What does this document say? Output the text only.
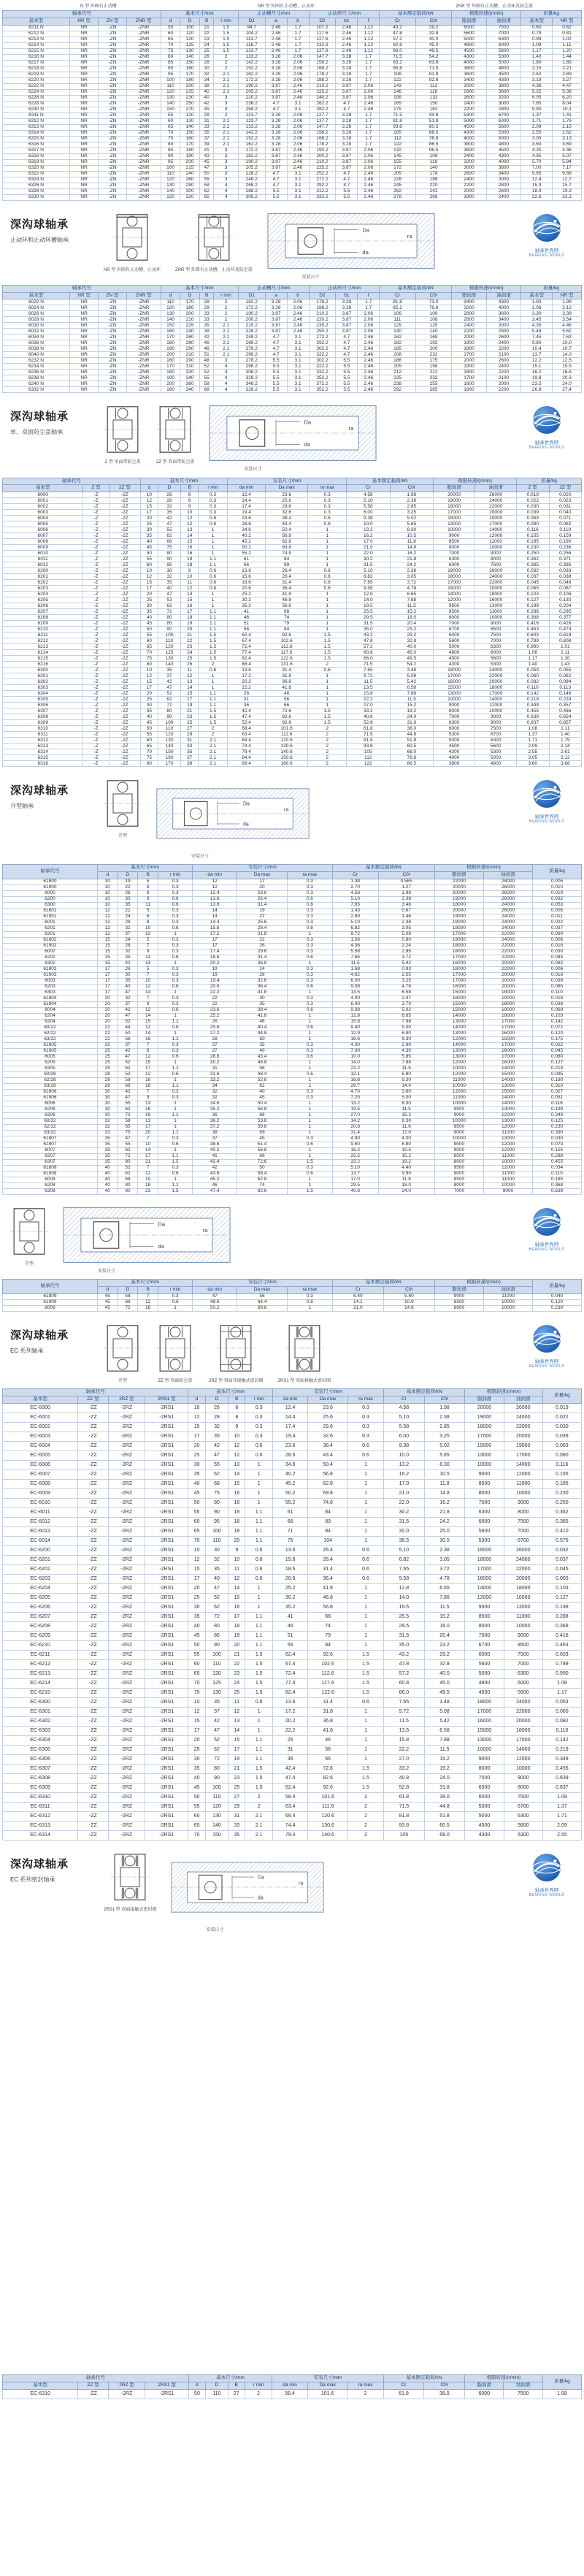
N 型 外圈有止动槽	NR 型 外圈有止动槽、止动环	ZNR 型 外圈有止动槽、止动环及防尘盖
轴承代号				基本尺寸/mm				止动槽尺寸/mm			止动环尺寸/mm			基本额定载荷/kN		极限转速/(r/min)		质量/kg	
基本型	NR 型	ZN 型	ZNR 型	d	D	B	r min	D1	a	b	D2	b1	f	Cr	C0r	脂润滑	油润滑	基本型	NR 型
6211 N	NR	-ZN	-ZNR	55	100	21	1.5	94.7	2.46	1.7	107.2	2.46	1.12	43.2	29.2	6000	7500	0.60	0.62
6212 N	NR	-ZN	-ZNR	60	110	22	1.5	104.2	2.46	1.7	117.6	2.46	1.12	47.8	32.8	5600	7000	0.79	0.81
6213 N	NR	-ZN	-ZNR	65	120	23	1.5	113.7	2.46	1.7	127.6	2.46	1.12	57.2	40.0	5000	6300	0.99	1.02
6214 N	NR	-ZN	-ZNR	70	125	24	1.5	118.7	2.46	1.7	132.8	2.46	1.12	60.8	45.0	4800	6000	1.08	1.11
6215 N	NR	-ZN	-ZNR	75	130	25	1.5	123.7	2.46	1.7	137.8	2.46	1.12	66.0	49.5	4500	5600	1.17	1.20
6216 N	NR	-ZN	-ZNR	80	140	26	2	133.2	3.28	2.06	147.7	3.28	1.7	71.5	54.2	4300	5300	1.40	1.44
6217 N	NR	-ZN	-ZNR	85	150	28	2	142.2	3.28	2.06	158.2	3.28	1.7	83.2	63.8	4000	5000	1.80	1.85
6218 N	NR	-ZN	-ZNR	90	160	30	2	152.2	3.28	2.06	168.2	3.28	1.7	95.8	71.5	3800	4800	2.15	2.21
6219 N	NR	-ZN	-ZNR	95	170	32	2.1	162.2	3.28	2.06	178.2	3.28	1.7	108	81.8	3600	4500	2.62	2.69
6220 N	NR	-ZN	-ZNR	100	180	34	2.1	172.2	3.28	2.06	188.2	3.28	1.7	122	92.8	3400	4300	3.19	3.27
6222 N	NR	-ZN	-ZNR	110	200	38	2.1	190.2	3.87	2.46	210.2	3.87	2.06	143	112	3000	3800	4.36	4.47
6224 N	NR	-ZN	-ZNR	120	215	40	2.1	205.2	3.87	2.46	225.2	3.87	2.06	146	118	2800	3600	5.25	5.38
6226 N	NR	-ZN	-ZNR	130	230	40	3	220.2	3.87	2.46	240.2	3.87	2.06	156	132	2600	3200	6.05	6.20
6228 N	NR	-ZN	-ZNR	140	250	42	3	238.2	4.7	3.1	262.2	4.7	2.46	165	150	2400	3000	7.85	8.04
6230 N	NR	-ZN	-ZNR	150	270	45	3	258.2	4.7	3.1	282.2	4.7	2.46	175	162	2200	2800	9.90	10.1
6311 N	NR	-ZN	-ZNR	55	120	29	2	113.7	3.28	2.06	127.7	3.28	1.7	71.5	44.8	5300	6700	1.37	1.41
6312 N	NR	-ZN	-ZNR	60	130	31	2.1	123.7	3.28	2.06	137.7	3.28	1.7	81.8	51.8	5000	6300	1.71	1.76
6313 N	NR	-ZN	-ZNR	65	140	33	2.1	133.2	3.28	2.06	147.7	3.28	1.7	93.8	60.5	4500	5600	2.09	2.15
6314 N	NR	-ZN	-ZNR	70	150	35	2.1	142.2	3.28	2.06	158.2	3.28	1.7	105	68.0	4300	5300	2.55	2.62
6315 N	NR	-ZN	-ZNR	75	160	37	2.1	152.2	3.28	2.06	168.2	3.28	1.7	112	76.8	4000	5000	3.05	3.13
6316 N	NR	-ZN	-ZNR	80	170	39	2.1	162.2	3.28	2.06	178.2	3.28	1.7	122	86.5	3800	4800	3.60	3.69
6317 N	NR	-ZN	-ZNR	85	180	41	3	172.2	3.87	2.46	190.2	3.87	2.06	132	96.5	3600	4500	4.25	4.36
6318 N	NR	-ZN	-ZNR	90	190	43	3	182.2	3.87	2.46	200.2	3.87	2.06	145	108	3400	4300	4.95	5.07
6319 N	NR	-ZN	-ZNR	95	200	45	3	190.2	3.87	2.46	210.2	3.87	2.06	155	118	3200	4000	5.70	5.84
6320 N	NR	-ZN	-ZNR	100	215	47	3	205.2	3.87	2.46	225.2	3.87	2.06	172	140	3000	3800	7.00	7.17
6322 N	NR	-ZN	-ZNR	110	240	50	3	228.2	4.7	3.1	252.2	4.7	2.46	205	178	2600	3400	9.65	9.88
6324 N	NR	-ZN	-ZNR	120	260	55	3	248.2	4.7	3.1	272.2	4.7	2.46	228	198	2400	3000	12.4	12.7
6326 N	NR	-ZN	-ZNR	130	280	58	4	268.2	4.7	3.1	292.2	4.7	2.46	245	220	2200	2800	15.3	15.7
6328 N	NR	-ZN	-ZNR	140	300	62	4	288.2	5.5	3.1	312.2	5.5	2.46	262	242	2000	2600	18.9	19.3
6330 N	NR	-ZN	-ZNR	150	320	65	4	308.2	5.5	3.1	332.2	5.5	2.46	278	268	1900	2400	22.6	23.1
深沟球轴承
止动环和止动环槽轴承
NR 型 外圈有止动槽、止动环	ZNR 型 外圈有止动槽、止动环及防尘盖
安装尺寸
轴承世界网
BEARING WORLD
轴承代号				基本尺寸/mm				止动槽尺寸/mm			止动环尺寸/mm			基本额定载荷/kN		极限转速/(r/min)		质量/kg	
基本型	NR 型	ZN 型	ZNR 型	d	D	B	r min	D1	a	b	D2	b1	f	Cr	C0r	脂润滑	油润滑	基本型	NR 型
6022 N	NR	-ZN	-ZNR	110	170	28	2	162.2	3.28	2.06	178.2	3.28	1.7	81.8	73.0	3400	4300	1.93	1.99
6024 N	NR	-ZN	-ZNR	120	180	28	2	172.2	3.28	2.06	188.2	3.28	1.7	85.2	79.8	3200	4000	2.06	2.12
6026 N	NR	-ZN	-ZNR	130	200	33	2	190.2	3.87	2.46	210.2	3.87	2.06	106	100	2800	3600	3.30	3.39
6028 N	NR	-ZN	-ZNR	140	210	33	2	200.2	3.87	2.46	220.2	3.87	2.06	111	108	2600	3400	3.45	3.54
6030 N	NR	-ZN	-ZNR	150	225	35	2.1	215.2	3.87	2.46	235.2	3.87	2.06	125	125	2400	3000	4.35	4.46
6032 N	NR	-ZN	-ZNR	160	240	38	2.1	228.2	3.87	2.46	250.2	3.87	2.06	140	140	2200	2800	5.48	5.62
6034 N	NR	-ZN	-ZNR	170	260	42	2.1	248.2	4.7	3.1	272.2	4.7	2.46	162	168	2000	2600	7.45	7.63
6036 N	NR	-ZN	-ZNR	180	280	46	2.1	268.2	4.7	3.1	292.2	4.7	2.46	182	192	1900	2400	9.80	10.0
6038 N	NR	-ZN	-ZNR	190	290	46	2.1	278.2	4.7	3.1	302.2	4.7	2.46	185	200	1800	2200	10.4	10.7
6040 N	NR	-ZN	-ZNR	200	310	51	2.1	298.2	4.7	3.1	322.2	4.7	2.46	208	232	1700	2100	13.7	14.0
6232 N	NR	-ZN	-ZNR	160	290	48	3	278.2	5.5	3.1	302.2	5.5	2.46	186	175	2000	2600	12.2	12.5
6234 N	NR	-ZN	-ZNR	170	310	52	4	298.2	5.5	3.1	322.2	5.5	2.46	205	198	1900	2400	15.1	15.5
6236 N	NR	-ZN	-ZNR	180	320	52	4	308.2	5.5	3.1	332.2	5.5	2.46	212	212	1800	2200	16.2	16.6
6238 N	NR	-ZN	-ZNR	190	340	55	4	328.2	5.5	3.1	352.2	5.5	2.46	225	232	1700	2100	19.8	20.3
6240 N	NR	-ZN	-ZNR	200	360	58	4	348.2	5.5	3.1	372.2	5.5	2.46	238	255	1600	2000	23.5	24.0
6332 N	NR	-ZN	-ZNR	160	340	68	4	328.2	5.5	3.1	352.2	5.5	2.46	292	285	1800	2200	26.8	27.4
深沟球轴承
单、双面防尘盖轴承
Z 型 单面带防尘盖	2Z 型 双面带防尘盖
安装尺寸
轴承世界网
BEARING WORLD
轴承代号			基本尺寸/mm				安装尺寸/mm			基本额定载荷/kN		极限转速/(r/min)		质量/kg	
基本型	Z 型	2Z 型	d	D	B	r min	da min	Da max	ra max	Cr	C0r	脂润滑	油润滑	Z 型	2Z 型
6000	-Z	-2Z	10	26	8	0.3	12.4	23.6	0.3	4.58	1.98	20000	26000	0.019	0.020
6001	-Z	-2Z	12	28	8	0.3	14.4	25.6	0.3	5.10	2.38	19000	24000	0.022	0.023
6002	-Z	-2Z	15	32	9	0.3	17.4	29.6	0.3	5.58	2.85	18000	22000	0.030	0.031
6003	-Z	-2Z	17	35	10	0.3	19.4	32.6	0.3	6.00	3.25	17000	20000	0.039	0.040
6004	-Z	-2Z	20	42	12	0.6	23.6	38.4	0.6	9.38	5.02	15000	19000	0.069	0.071
6005	-Z	-2Z	25	47	12	0.6	28.6	43.4	0.6	10.0	5.85	13000	17000	0.080	0.082
6006	-Z	-2Z	30	55	13	1	34.6	50.4	1	13.2	8.30	10000	14000	0.116	0.119
6007	-Z	-2Z	35	62	14	1	40.2	56.8	1	16.2	10.5	9000	12000	0.155	0.159
6008	-Z	-2Z	40	68	15	1	45.2	62.8	1	17.0	11.8	8500	11000	0.185	0.190
6009	-Z	-2Z	45	75	16	1	50.2	69.8	1	21.0	14.8	8000	10000	0.230	0.236
6010	-Z	-2Z	50	80	16	1	55.2	74.8	1	22.0	16.2	7000	9000	0.250	0.256
6011	-Z	-2Z	55	90	18	1.1	61	84	1	30.2	21.8	6300	8000	0.362	0.371
6012	-Z	-2Z	60	95	18	1.1	66	89	1	31.5	24.2	6000	7500	0.385	0.395
6200	-Z	-2Z	10	30	9	0.6	13.6	26.4	0.6	5.10	2.38	19000	26000	0.032	0.033
6201	-Z	-2Z	12	32	10	0.6	15.6	28.4	0.6	6.82	3.05	18000	24000	0.037	0.038
6202	-Z	-2Z	15	35	11	0.6	18.6	31.4	0.6	7.65	3.72	17000	22000	0.045	0.046
6203	-Z	-2Z	17	40	12	0.6	20.6	36.4	0.6	9.58	4.78	16000	20000	0.065	0.067
6204	-Z	-2Z	20	47	14	1	25.2	41.8	1	12.8	6.65	14000	18000	0.103	0.106
6205	-Z	-2Z	25	52	15	1	30.2	46.8	1	14.0	7.88	12000	16000	0.127	0.130
6206	-Z	-2Z	30	62	16	1	35.2	56.8	1	19.5	11.5	9500	13000	0.199	0.204
6207	-Z	-2Z	35	72	17	1.1	41	66	1	25.5	15.2	8500	11000	0.288	0.295
6208	-Z	-2Z	40	80	18	1.1	46	74	1	29.5	18.0	8000	10000	0.368	0.377
6209	-Z	-2Z	45	85	19	1.1	51	79	1	31.5	20.4	7000	9000	0.416	0.426
6210	-Z	-2Z	50	90	20	1.1	56	84	1	35.0	23.2	6700	8500	0.463	0.474
6211	-Z	-2Z	55	100	21	1.5	62.4	92.6	1.5	43.2	29.2	6000	7500	0.603	0.618
6212	-Z	-2Z	60	110	22	1.5	67.4	102.6	1.5	47.8	32.8	5600	7000	0.789	0.808
6213	-Z	-2Z	65	120	23	1.5	72.4	112.6	1.5	57.2	40.0	5000	6300	0.990	1.01
6214	-Z	-2Z	70	125	24	1.5	77.4	117.6	1.5	60.8	45.0	4800	6000	1.08	1.11
6215	-Z	-2Z	75	130	25	1.5	82.4	122.6	1.5	66.0	49.5	4500	5600	1.17	1.20
6216	-Z	-2Z	80	140	26	2	88.4	131.6	2	71.5	54.2	4300	5300	1.40	1.43
6300	-Z	-2Z	10	35	11	0.6	13.6	31.4	0.6	7.65	3.48	18000	24000	0.053	0.055
6301	-Z	-2Z	12	37	12	1	17.2	31.8	1	9.72	5.08	17000	22000	0.060	0.062
6302	-Z	-2Z	15	42	13	1	20.2	36.8	1	11.5	5.42	16000	20000	0.082	0.084
6303	-Z	-2Z	17	47	14	1	22.2	41.8	1	13.5	6.58	15000	18000	0.110	0.113
6304	-Z	-2Z	20	52	15	1.1	26	46	1	15.8	7.88	13000	17000	0.142	0.146
6305	-Z	-2Z	25	62	17	1.1	31	56	1	22.2	11.5	10000	14000	0.219	0.224
6306	-Z	-2Z	30	72	19	1.1	36	66	1	27.0	15.2	9000	12000	0.349	0.357
6307	-Z	-2Z	35	80	21	1.5	42.4	72.6	1.5	33.2	19.2	8000	10000	0.455	0.466
6308	-Z	-2Z	40	90	23	1.5	47.4	82.6	1.5	40.8	24.0	7000	9000	0.639	0.654
6309	-Z	-2Z	45	100	25	1.5	52.4	92.6	1.5	52.8	31.8	6300	8000	0.837	0.857
6310	-Z	-2Z	50	110	27	2	58.4	101.6	2	61.8	38.0	6000	7500	1.08	1.11
6311	-Z	-2Z	55	120	29	2	63.4	111.6	2	71.5	44.8	5300	6700	1.37	1.40
6312	-Z	-2Z	60	130	31	2.1	69.4	120.6	2	81.8	51.8	5000	6300	1.71	1.75
6313	-Z	-2Z	65	140	33	2.1	74.4	130.6	2	93.8	60.5	4500	5600	2.09	2.14
6314	-Z	-2Z	70	150	35	2.1	79.4	140.6	2	105	68.0	4300	5300	2.55	2.61
6315	-Z	-2Z	75	160	37	2.1	84.4	150.6	2	112	76.8	4000	5000	3.05	3.12
6316	-Z	-2Z	80	170	39	2.1	89.4	160.6	2	122	86.5	3800	4800	3.60	3.68
深沟球轴承
开型轴承
开型
安装尺寸
轴承世界网
BEARING WORLD
轴承代号	基本尺寸/mm				安装尺寸/mm			基本额定载荷/kN		极限转速/(r/min)		质量/kg
	d	D	B	r min	da min	Da max	ra max	Cr	C0r	脂润滑	油润滑	
61800	10	19	5	0.3	12	17	0.3	1.38	0.585	22000	28000	0.005
61900	10	22	6	0.3	12	20	0.3	2.70	1.27	20000	26000	0.010
6000	10	26	8	0.3	12.4	23.6	0.3	4.58	1.98	20000	26000	0.019
6200	10	30	9	0.6	13.6	26.4	0.6	5.10	2.38	19000	26000	0.032
6300	10	35	11	0.6	13.6	31.4	0.6	7.65	3.48	18000	24000	0.053
61801	12	21	5	0.3	14	19	0.3	1.43	0.67	20000	26000	0.005
61901	12	24	6	0.3	14	22	0.3	2.89	1.46	19000	24000	0.011
6001	12	28	8	0.3	14.4	25.6	0.3	5.10	2.38	19000	24000	0.022
6201	12	32	10	0.6	15.6	28.4	0.6	6.82	3.05	18000	24000	0.037
6301	12	37	12	1	17.2	31.8	1	9.72	5.08	17000	22000	0.060
61802	15	24	5	0.3	17	22	0.3	1.56	0.80	19000	24000	0.006
61902	15	28	7	0.3	17	26	0.3	4.36	2.24	18000	22000	0.016
6002	15	32	9	0.3	17.4	29.6	0.3	5.58	2.85	18000	22000	0.030
6202	15	35	11	0.6	18.6	31.4	0.6	7.65	3.72	17000	22000	0.045
6302	15	42	13	1	20.2	36.8	1	11.5	5.42	16000	20000	0.082
61803	17	26	5	0.3	19	24	0.3	1.68	0.93	18000	22000	0.006
61903	17	30	7	0.3	19	28	0.3	4.62	2.55	17000	20000	0.018
6003	17	35	10	0.3	19.4	32.6	0.3	6.00	3.25	17000	20000	0.039
6203	17	40	12	0.6	20.6	36.4	0.6	9.58	4.78	16000	20000	0.065
6303	17	47	14	1	22.2	41.8	1	13.5	6.58	15000	18000	0.110
61804	20	32	7	0.3	22	30	0.3	4.00	2.47	16000	19000	0.018
61904	20	37	9	0.3	22	35	0.3	6.40	3.70	15000	18000	0.038
6004	20	42	12	0.6	23.6	38.4	0.6	9.38	5.02	15000	19000	0.069
6204	20	47	14	1	25.2	41.8	1	12.8	6.65	14000	18000	0.103
6304	20	52	15	1.1	26	46	1	15.8	7.88	13000	17000	0.142
60/22	22	44	12	0.6	25.6	40.4	0.6	9.40	5.00	14000	17000	0.072
62/22	22	50	14	1	27.2	44.8	1	12.9	6.80	13000	16000	0.120
63/22	22	56	16	1.1	28	50	1	18.6	9.30	12000	15000	0.175
61805	25	37	7	0.3	27	35	0.3	4.30	2.90	14000	17000	0.022
61905	25	42	9	0.3	27	40	0.3	7.00	4.30	13000	16000	0.045
6005	25	47	12	0.6	28.6	43.4	0.6	10.0	5.85	13000	17000	0.080
6205	25	52	15	1	30.2	46.8	1	14.0	7.88	12000	16000	0.127
6305	25	62	17	1.1	31	56	1	22.2	11.5	10000	14000	0.219
60/28	28	52	12	0.6	31.6	48.4	0.6	12.1	6.80	12000	15000	0.095
62/28	28	58	16	1	33.2	52.8	1	16.8	9.30	11000	14000	0.180
63/28	28	68	18	1.1	34	62	1	26.7	14.0	10000	13000	0.310
61806	30	42	7	0.3	32	40	0.3	4.70	3.60	12000	15000	0.027
61906	30	47	9	0.3	32	45	0.3	7.20	5.00	11000	14000	0.051
6006	30	55	13	1	34.6	50.4	1	13.2	8.30	10000	14000	0.116
6206	30	62	16	1	35.2	56.8	1	19.5	11.5	9500	13000	0.199
6306	30	72	19	1.1	36	66	1	27.0	15.2	9000	12000	0.349
60/32	32	58	13	1	36.2	53.8	1	14.2	8.30	10000	13000	0.125
62/32	32	65	17	1	37.2	59.8	1	20.8	11.6	9500	12000	0.230
63/32	32	75	20	1.1	38	69	1	31.4	17.0	9000	11000	0.390
61807	35	47	7	0.3	37	45	0.3	4.90	4.00	10000	13000	0.030
61907	35	55	10	0.6	38.6	51.4	0.6	9.60	6.80	9500	12000	0.073
6007	35	62	14	1	40.2	56.8	1	16.2	10.5	9000	12000	0.155
6207	35	72	17	1.1	41	66	1	25.5	15.2	8500	11000	0.288
6307	35	80	21	1.5	42.4	72.6	1.5	33.2	19.2	8000	10000	0.455
61808	40	52	7	0.3	42	50	0.3	5.10	4.40	9500	12000	0.034
61908	40	62	12	0.6	43.6	58.4	0.6	13.7	9.90	9000	11000	0.110
6008	40	68	15	1	45.2	62.8	1	17.0	11.8	8500	11000	0.185
6208	40	80	18	1.1	46	74	1	29.5	18.0	8000	10000	0.368
6308	40	90	23	1.5	47.4	82.6	1.5	40.8	24.0	7000	9000	0.639
开型
安装尺寸
轴承世界网
BEARING WORLD
轴承代号	基本尺寸/mm				安装尺寸/mm			基本额定载荷/kN		极限转速/(r/min)		质量/kg
	d	D	B	r min	da min	Da max	ra max	Cr	C0r	脂润滑	油润滑	
61809	45	58	7	0.3	47	56	0.3	6.40	5.60	9000	11000	0.040
61909	45	68	12	0.6	48.6	64.4	0.6	14.1	10.9	8500	10000	0.120
6009	45	75	16	1	50.2	69.8	1	21.0	14.8	8000	10000	0.230
深沟球轴承
EC 系列轴承
开型	ZZ 型 双面防尘盖	2RZ 型 双面非接触式密封圈	2RS1 型 双面接触式密封圈
轴承世界网
BEARING WORLD
轴承代号				基本尺寸/mm				安装尺寸/mm			基本额定载荷/kN		极限转速/(r/min)		质量/kg
基本型	ZZ 型	2RZ 型	2RS1 型	d	D	B	r min	da min	Da max	ra max	Cr	C0r	脂润滑	油润滑	
EC-6000	-ZZ	-2RZ	-2RS1	10	26	8	0.3	12.4	23.6	0.3	4.58	1.98	20000	26000	0.019
EC-6001	-ZZ	-2RZ	-2RS1	12	28	8	0.3	14.4	25.6	0.3	5.10	2.38	19000	24000	0.022
EC-6002	-ZZ	-2RZ	-2RS1	15	32	9	0.3	17.4	29.6	0.3	5.58	2.85	18000	22000	0.030
EC-6003	-ZZ	-2RZ	-2RS1	17	35	10	0.3	19.4	32.6	0.3	6.00	3.25	17000	20000	0.039
EC-6004	-ZZ	-2RZ	-2RS1	20	42	12	0.6	23.6	38.4	0.6	9.38	5.02	15000	19000	0.069
EC-6005	-ZZ	-2RZ	-2RS1	25	47	12	0.6	28.6	43.4	0.6	10.0	5.85	13000	17000	0.080
EC-6006	-ZZ	-2RZ	-2RS1	30	55	13	1	34.6	50.4	1	13.2	8.30	10000	14000	0.116
EC-6007	-ZZ	-2RZ	-2RS1	35	62	14	1	40.2	56.8	1	16.2	10.5	9000	12000	0.155
EC-6008	-ZZ	-2RZ	-2RS1	40	68	15	1	45.2	62.8	1	17.0	11.8	8500	11000	0.185
EC-6009	-ZZ	-2RZ	-2RS1	45	75	16	1	50.2	69.8	1	21.0	14.8	8000	10000	0.230
EC-6010	-ZZ	-2RZ	-2RS1	50	80	16	1	55.2	74.8	1	22.0	16.2	7000	9000	0.250
EC-6011	-ZZ	-2RZ	-2RS1	55	90	18	1.1	61	84	1	30.2	21.8	6300	8000	0.362
EC-6012	-ZZ	-2RZ	-2RS1	60	95	18	1.1	66	89	1	31.5	24.2	6000	7500	0.385
EC-6013	-ZZ	-2RZ	-2RS1	65	100	18	1.1	71	94	1	32.0	25.0	5600	7000	0.410
EC-6014	-ZZ	-2RZ	-2RS1	70	110	20	1.1	76	104	1	38.5	30.5	5300	6700	0.575
EC-6200	-ZZ	-2RZ	-2RS1	10	30	9	0.6	13.6	26.4	0.6	5.10	2.38	19000	26000	0.032
EC-6201	-ZZ	-2RZ	-2RS1	12	32	10	0.6	15.6	28.4	0.6	6.82	3.05	18000	24000	0.037
EC-6202	-ZZ	-2RZ	-2RS1	15	35	11	0.6	18.6	31.4	0.6	7.65	3.72	17000	22000	0.045
EC-6203	-ZZ	-2RZ	-2RS1	17	40	12	0.6	20.6	36.4	0.6	9.58	4.78	16000	20000	0.065
EC-6204	-ZZ	-2RZ	-2RS1	20	47	14	1	25.2	41.8	1	12.8	6.65	14000	18000	0.103
EC-6205	-ZZ	-2RZ	-2RS1	25	52	15	1	30.2	46.8	1	14.0	7.88	12000	16000	0.127
EC-6206	-ZZ	-2RZ	-2RS1	30	62	16	1	35.2	56.8	1	19.5	11.5	9500	13000	0.199
EC-6207	-ZZ	-2RZ	-2RS1	35	72	17	1.1	41	66	1	25.5	15.2	8500	11000	0.288
EC-6208	-ZZ	-2RZ	-2RS1	40	80	18	1.1	46	74	1	29.5	18.0	8000	10000	0.368
EC-6209	-ZZ	-2RZ	-2RS1	45	85	19	1.1	51	79	1	31.5	20.4	7000	9000	0.416
EC-6210	-ZZ	-2RZ	-2RS1	50	90	20	1.1	56	84	1	35.0	23.2	6700	8500	0.463
EC-6211	-ZZ	-2RZ	-2RS1	55	100	21	1.5	62.4	92.6	1.5	43.2	29.2	6000	7500	0.603
EC-6212	-ZZ	-2RZ	-2RS1	60	110	22	1.5	67.4	102.6	1.5	47.8	32.8	5600	7000	0.789
EC-6213	-ZZ	-2RZ	-2RS1	65	120	23	1.5	72.4	112.6	1.5	57.2	40.0	5000	6300	0.990
EC-6214	-ZZ	-2RZ	-2RS1	70	125	24	1.5	77.4	117.6	1.5	60.8	45.0	4800	6000	1.08
EC-6215	-ZZ	-2RZ	-2RS1	75	130	25	1.5	82.4	122.6	1.5	66.0	49.5	4500	5600	1.17
EC-6300	-ZZ	-2RZ	-2RS1	10	35	11	0.6	13.6	31.4	0.6	7.65	3.48	18000	24000	0.053
EC-6301	-ZZ	-2RZ	-2RS1	12	37	12	1	17.2	31.8	1	9.72	5.08	17000	22000	0.060
EC-6302	-ZZ	-2RZ	-2RS1	15	42	13	1	20.2	36.8	1	11.5	5.42	16000	20000	0.082
EC-6303	-ZZ	-2RZ	-2RS1	17	47	14	1	22.2	41.8	1	13.5	6.58	15000	18000	0.110
EC-6304	-ZZ	-2RZ	-2RS1	20	52	15	1.1	26	46	1	15.8	7.88	13000	17000	0.142
EC-6305	-ZZ	-2RZ	-2RS1	25	62	17	1.1	31	56	1	22.2	11.5	10000	14000	0.219
EC-6306	-ZZ	-2RZ	-2RS1	30	72	19	1.1	36	66	1	27.0	15.2	9000	12000	0.349
EC-6307	-ZZ	-2RZ	-2RS1	35	80	21	1.5	42.4	72.6	1.5	33.2	19.2	8000	10000	0.455
EC-6308	-ZZ	-2RZ	-2RS1	40	90	23	1.5	47.4	82.6	1.5	40.8	24.0	7000	9000	0.639
EC-6309	-ZZ	-2RZ	-2RS1	45	100	25	1.5	52.4	92.6	1.5	52.8	31.8	6300	8000	0.837
EC-6310	-ZZ	-2RZ	-2RS1	50	110	27	2	58.4	101.6	2	61.8	38.0	6000	7500	1.08
EC-6311	-ZZ	-2RZ	-2RS1	55	120	29	2	63.4	111.6	2	71.5	44.8	5300	6700	1.37
EC-6312	-ZZ	-2RZ	-2RS1	60	130	31	2.1	69.4	120.6	2	81.8	51.8	5000	6300	1.71
EC-6313	-ZZ	-2RZ	-2RS1	65	140	33	2.1	74.4	130.6	2	93.8	60.5	4500	5600	2.09
EC-6314	-ZZ	-2RZ	-2RS1	70	150	35	2.1	79.4	140.6	2	105	68.0	4300	5300	2.55
深沟球轴承
EC 系列密封轴承
2RS1 型 双面接触式密封圈
安装尺寸
轴承世界网
BEARING WORLD
轴承代号				基本尺寸/mm				安装尺寸/mm			基本额定载荷/kN		极限转速/(r/min)		质量/kg
基本型	ZZ 型	2RZ 型	2RS1 型	d	D	B	r min	da min	Da max	ra max	Cr	C0r	脂润滑	油润滑	
EC-6310	-ZZ	-2RZ	-2RS1	50	110	27	2	58.4	101.6	2	61.8	38.0	6000	7500	1.08
